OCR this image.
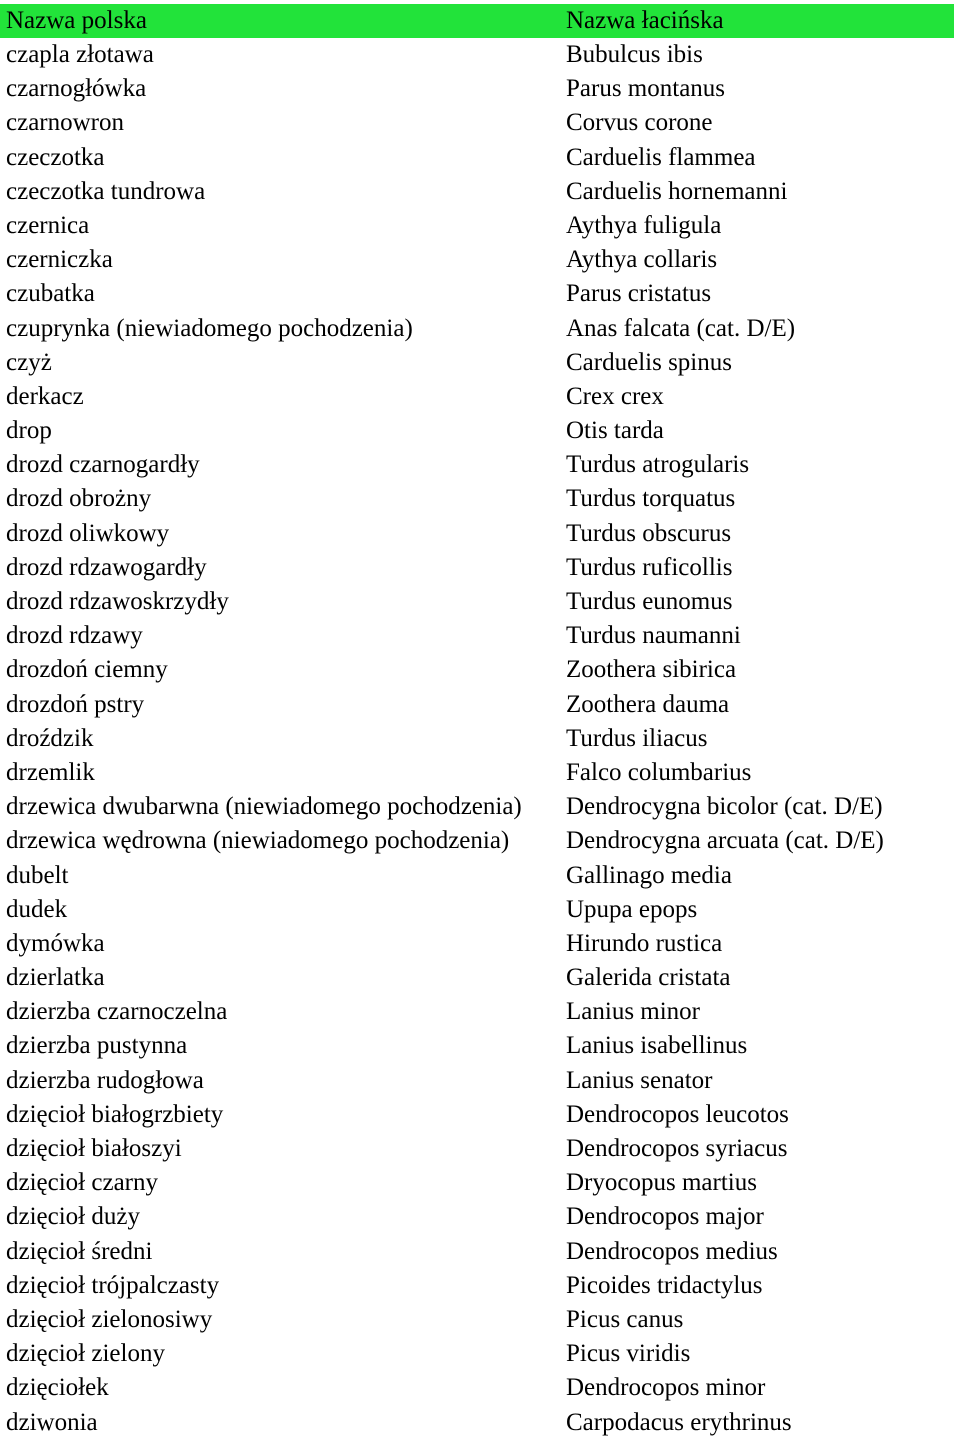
Nazwa polska	Nazwa łacińska
czapla złotawa	Bubulcus ibis
czarnogłówka	Parus montanus
czarnowron	Corvus corone
czeczotka	Carduelis flammea
czeczotka tundrowa	Carduelis hornemanni
czernica	Aythya fuligula
czerniczka	Aythya collaris
czubatka	Parus cristatus
czuprynka (niewiadomego pochodzenia)	Anas falcata (cat. D/E)
czyż	Carduelis spinus
derkacz	Crex crex
drop	Otis tarda
drozd czarnogardły	Turdus atrogularis
drozd obrożny	Turdus torquatus
drozd oliwkowy	Turdus obscurus
drozd rdzawogardły	Turdus ruficollis
drozd rdzawoskrzydły	Turdus eunomus
drozd rdzawy	Turdus naumanni
drozdoń ciemny	Zoothera sibirica
drozdoń pstry	Zoothera dauma
droździk	Turdus iliacus
drzemlik	Falco columbarius
drzewica dwubarwna (niewiadomego pochodzenia) Dendrocygna bicolor (cat. D/E)
drzewica wędrowna (niewiadomego pochodzenia) Dendrocygna arcuata (cat. D/E)
dubelt	Gallinago media
dudek	Upupa epops
dymówka	Hirundo rustica
dzierlatka	Galerida cristata
dzierzba czarnoczelna	Lanius minor
dzierzba pustynna	Lanius isabellinus
dzierzba rudogłowa	Lanius senator
dzięcioł białogrzbiety	Dendrocopos leucotos
dzięcioł białoszyi	Dendrocopos syriacus
dzięcioł czarny	Dryocopus martius
dzięcioł duży	Dendrocopos major
dzięcioł średni	Dendrocopos medius
dzięcioł trójpalczasty	Picoides tridactylus
dzięcioł zielonosiwy	Picus canus
dzięcioł zielony	Picus viridis
dzięciołek	Dendrocopos minor
dziwonia	Carpodacus erythrinus
